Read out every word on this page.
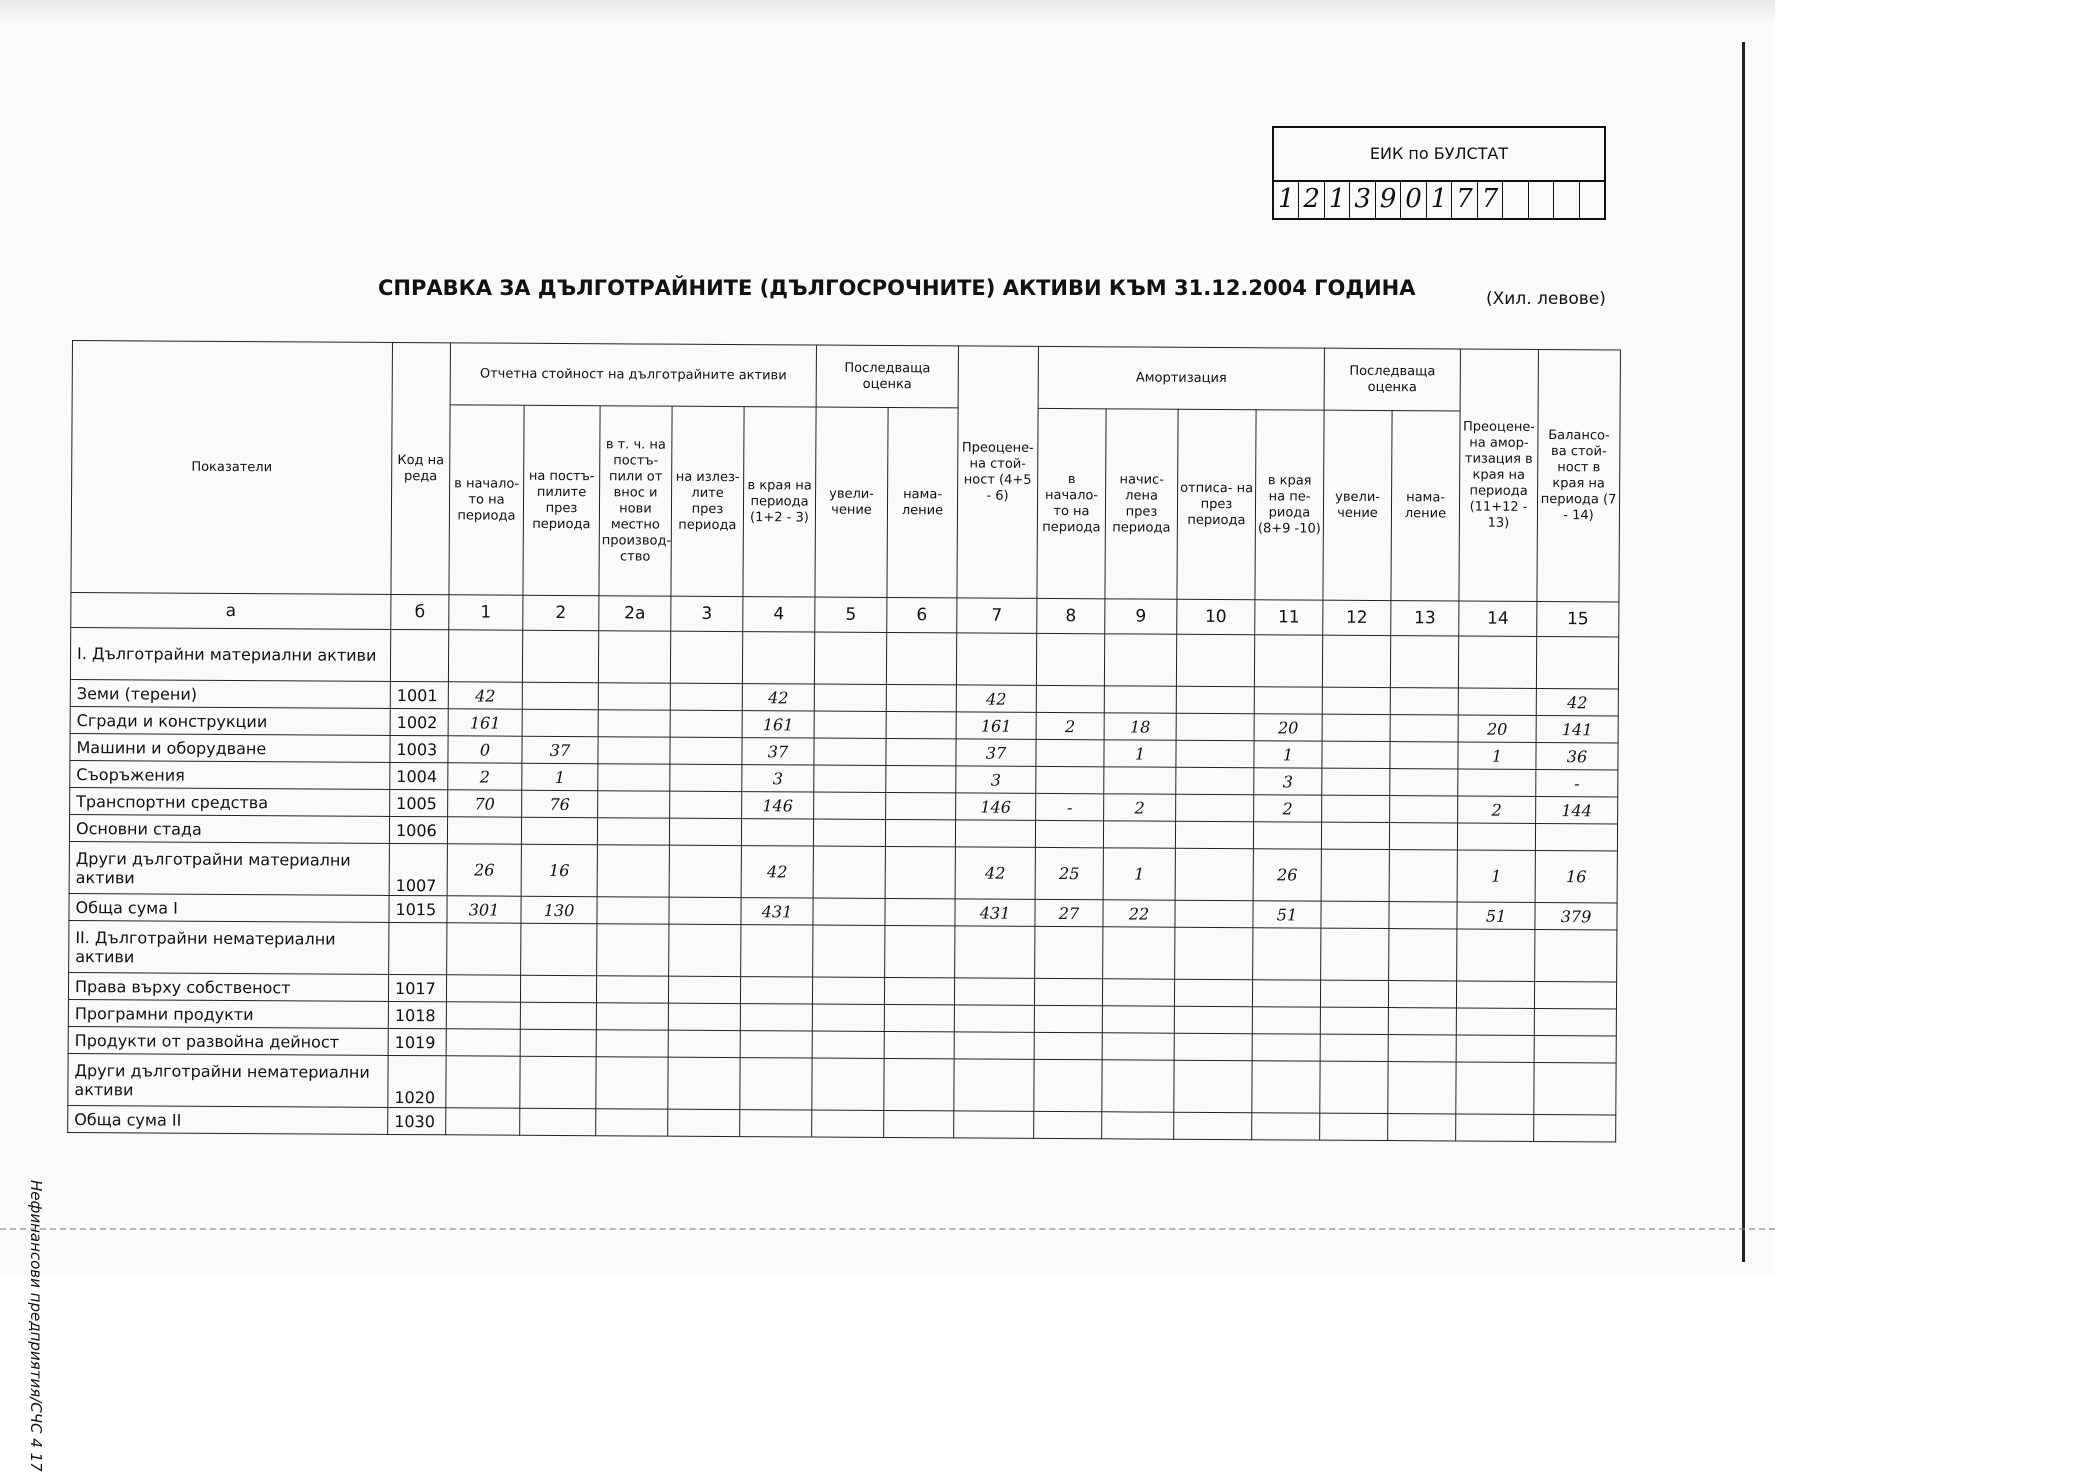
ЕИК по БУЛСТАТ
1 2 1 3 9 0 1 7 7
СПРАВКА ЗА ДЪЛГОТРАЙНИТЕ (ДЪЛГОСРОЧНИТЕ) АКТИВИ КЪМ 31.12.2004 ГОДИНА	(Хил. левове)
Показатели	Код на реда	Отчетна стойност на дълготрайните активи					Последваща оценка		Преоцене- на стой- ност (4+5 - 6)	Амортизация				Последваща оценка		Преоцене- на амор- тизация в края на периода (11+12 - 13)	Балансо- ва стой- ност в края на периода (7 - 14)
		в начало- то на периода	на постъ- пилите през периода	в т. ч. на постъ- пили от внос и нови местно производ- ство	на излез- лите през периода	в края на периода (1+2 - 3)	увели- чение	нама- ление		в начало- то на периода	начис- лена през периода	отписа- на през периода	в края на пе- риода (8+9 -10)	увели- чение	нама- ление		
а	б	1	2	2а	3	4	5	6	7	8	9	10	11	12	13	14	15
I. Дълготрайни материални активи																	
Земи (терени)	1001	42				42			42								42
Сгради и конструкции	1002	161				161			161	2	18		20			20	141
Машини и оборудване	1003	0	37			37			37		1		1			1	36
Съоръжения	1004	2	1			3			3				3				-
Транспортни средства	1005	70	76			146			146	-	2		2			2	144
Основни стада	1006																
Други дълготрайни материални активи	1007	26	16			42			42	25	1		26			1	16
Обща сума I	1015	301	130			431			431	27	22		51			51	379
II. Дълготрайни нематериални активи																	
Права върху собственост	1017																
Програмни продукти	1018																
Продукти от развойна дейност	1019																
Други дълготрайни нематериални активи	1020																
Обща сума II	1030																
Нефинансови предприятия/СЧС 4 17
